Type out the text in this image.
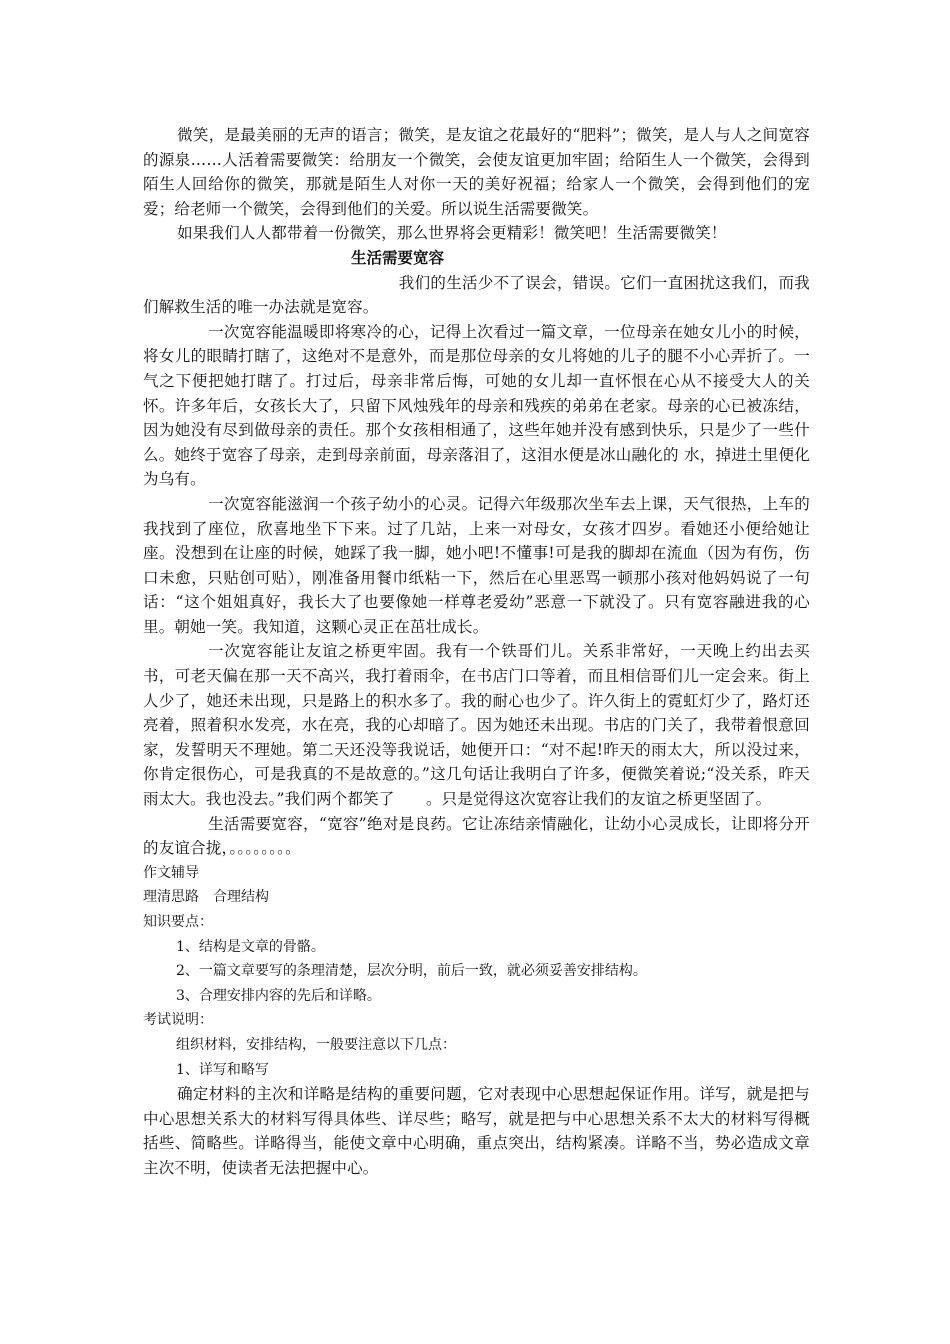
微笑，是最美丽的无声的语言；微笑，是友谊之花最好的“肥料”；微笑，是人与人之间宽容的源泉……人活着需要微笑：给朋友一个微笑，会使友谊更加牢固；给陌生人一个微笑，会得到陌生人回给你的微笑，那就是陌生人对你一天的美好祝福；给家人一个微笑，会得到他们的宠爱；给老师一个微笑，会得到他们的关爱。所以说生活需要微笑。

如果我们人人都带着一份微笑，那么世界将会更精彩！微笑吧！生活需要微笑！

生活需要宽容

我们的生活少不了误会，错误。它们一直困扰这我们，而我们解救生活的唯一办法就是宽容。

一次宽容能温暖即将寒冷的心，记得上次看过一篇文章，一位母亲在她女儿小的时候，将女儿的眼睛打瞎了，这绝对不是意外，而是那位母亲的女儿将她的儿子的腿不小心弄折了。一气之下便把她打瞎了。打过后，母亲非常后悔，可她的女儿却一直怀恨在心从不接受大人的关怀。许多年后，女孩长大了，只留下风烛残年的母亲和残疾的弟弟在老家。母亲的心已被冻结，因为她没有尽到做母亲的责任。那个女孩相相通了，这些年她并没有感到快乐，只是少了一些什么。她终于宽容了母亲，走到母亲前面，母亲落泪了，这泪水便是冰山融化的 水，掉进土里便化为乌有。

一次宽容能滋润一个孩子幼小的心灵。记得六年级那次坐车去上课，天气很热，上车的我找到了座位，欣喜地坐下下来。过了几站，上来一对母女，女孩才四岁。看她还小便给她让座。没想到在让座的时候，她踩了我一脚，她小吧!不懂事!可是我的脚却在流血（因为有伤，伤口未愈，只贴创可贴），刚准备用餐巾纸粘一下，然后在心里恶骂一顿那小孩对他妈妈说了一句话：“这个姐姐真好，我长大了也要像她一样尊老爱幼”恶意一下就没了。只有宽容融进我的心里。朝她一笑。我知道，这颗心灵正在茁壮成长。

一次宽容能让友谊之桥更牢固。我有一个铁哥们儿。关系非常好，一天晚上约出去买书，可老天偏在那一天不高兴，我打着雨伞，在书店门口等着，而且相信哥们儿一定会来。街上人少了，她还未出现，只是路上的积水多了。我的耐心也少了。许久街上的霓虹灯少了，路灯还亮着，照着积水发亮，水在亮，我的心却暗了。因为她还未出现。书店的门关了，我带着恨意回家，发誓明天不理她。第二天还没等我说话，她便开口：“对不起!昨天的雨太大，所以没过来，你肯定很伤心，可是我真的不是故意的。”这几句话让我明白了许多，便微笑着说;“没关系，昨天雨太大。我也没去。”我们两个都笑了　　。只是觉得这次宽容让我们的友谊之桥更坚固了。

生活需要宽容，“宽容”绝对是良药。它让冻结亲情融化，让幼小心灵成长，让即将分开的友谊合拢，。。。。。。。。

作文辅导

理清思路　合理结构

知识要点：

1、结构是文章的骨骼。

2、一篇文章要写的条理清楚，层次分明，前后一致，就必须妥善安排结构。

3、合理安排内容的先后和详略。

考试说明：

组织材料，安排结构，一般要注意以下几点：

1、详写和略写

确定材料的主次和详略是结构的重要问题，它对表现中心思想起保证作用。详写，就是把与中心思想关系大的材料写得具体些、详尽些；略写，就是把与中心思想关系不太大的材料写得概括些、简略些。详略得当，能使文章中心明确，重点突出，结构紧凑。详略不当，势必造成文章主次不明，使读者无法把握中心。
